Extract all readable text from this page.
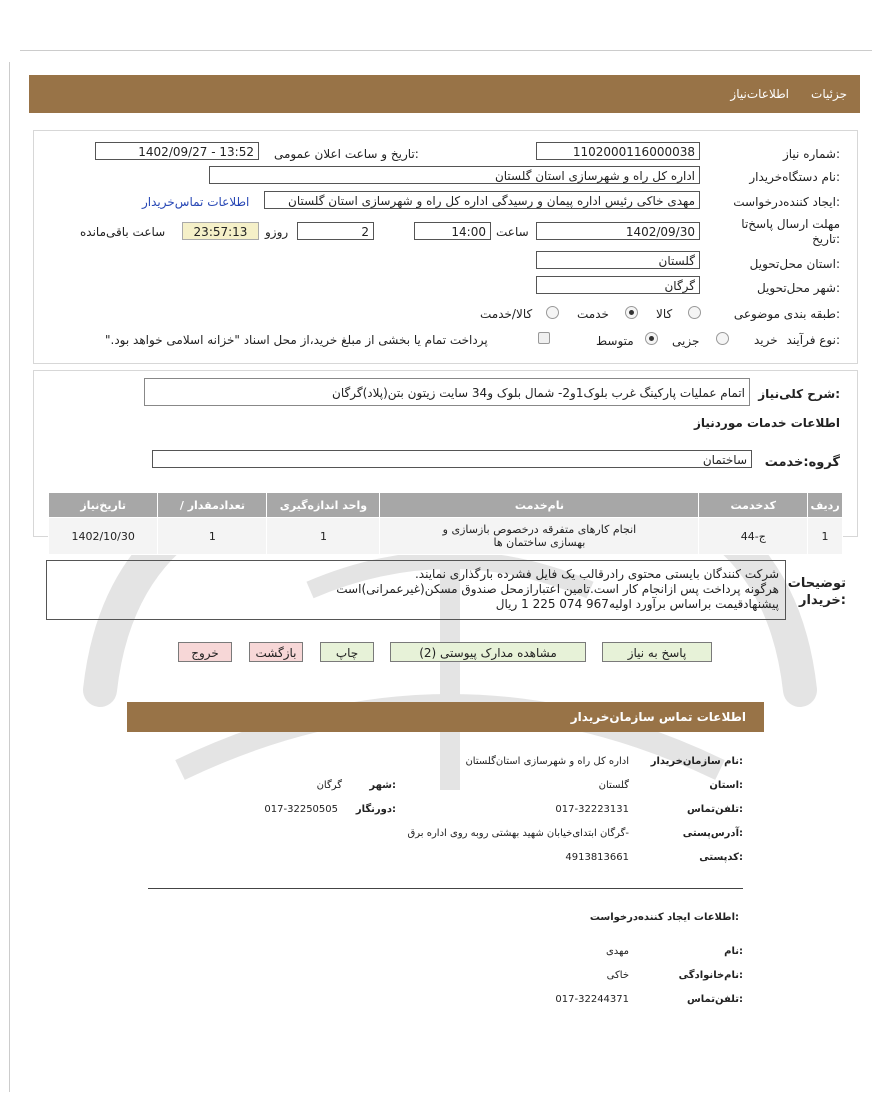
جزئیات
اطلاعات‌نیاز
شماره نیاز:
1102000116000038
تاریخ و ساعت اعلان عمومی:
1402/09/27 - 13:52
نام دستگاه‌خریدار:
اداره کل راه و شهرسازی استان گلستان
ایجاد کننده‌درخواست:
مهدی خاکی رئیس اداره پیمان و رسیدگی اداره کل راه و شهرسازی استان گلستان
اطلاعات تماس‌خریدار
مهلت ارسال پاسخ‌تا
تاریخ:
1402/09/30
ساعت
14:00
2
روزو
23:57:13
ساعت باقی‌مانده
استان محل‌تحویل:
گلستان
شهر محل‌تحویل:
گرگان
طبقه بندی موضوعی:
کالا
خدمت
کالا/خدمت
نوع فرآیند:
خرید
جزیی
متوسط
پرداخت تمام یا بخشی از مبلغ خرید،از محل اسناد "خزانه اسلامی خواهد بود."
شرح کلی‌نیاز:
اتمام عملیات پارکینگ غرب بلوک1و2- شمال بلوک و34 سایت زیتون بتن(پلاد)گرگان
اطلاعات خدمات موردنیاز
گروه:خدمت
ساختمان
ردیف	کدخدمت	نام‌خدمت	واحد اندازه‌گیری	تعداد‌مقدار /	تاریخ‌نیاز
1	ج-44	انجام کارهای متفرقه درخصوص بازسازی و بهسازی ساختمان ها	1	1	1402/10/30
توضیحات
خریدار:
شرکت کنندگان بایستی محتوی رادرقالب یک فایل فشرده بارگذاری نمایند.
هرگونه پرداخت پس ازانجام کار است.تامین اعتبارازمحل صندوق مسکن(غیرعمرانی)است
پیشنهادقیمت براساس برآورد اولیه967 074 225 1 ریال
پاسخ به نیاز
مشاهده مدارک پیوستی (2)
چاپ
بازگشت
خروج
اطلاعات تماس سازمان‌خریدار
نام سازمان‌خریدار:
اداره کل راه و شهرسازی استان‌گلستان
استان:
گلستان
شهر:
گرگان
تلفن‌تماس:
017-32223131
دورنگار:
017-32250505
آدرس‌پستی:
گرگان ابتدای‌خیابان شهید بهشتی روبه روی اداره برق-
کدپستی:
4913813661
اطلاعات ایجاد کننده‌درخواست:
نام:
مهدی
نام‌خانوادگی:
خاکی
تلفن‌تماس:
017-32244371
